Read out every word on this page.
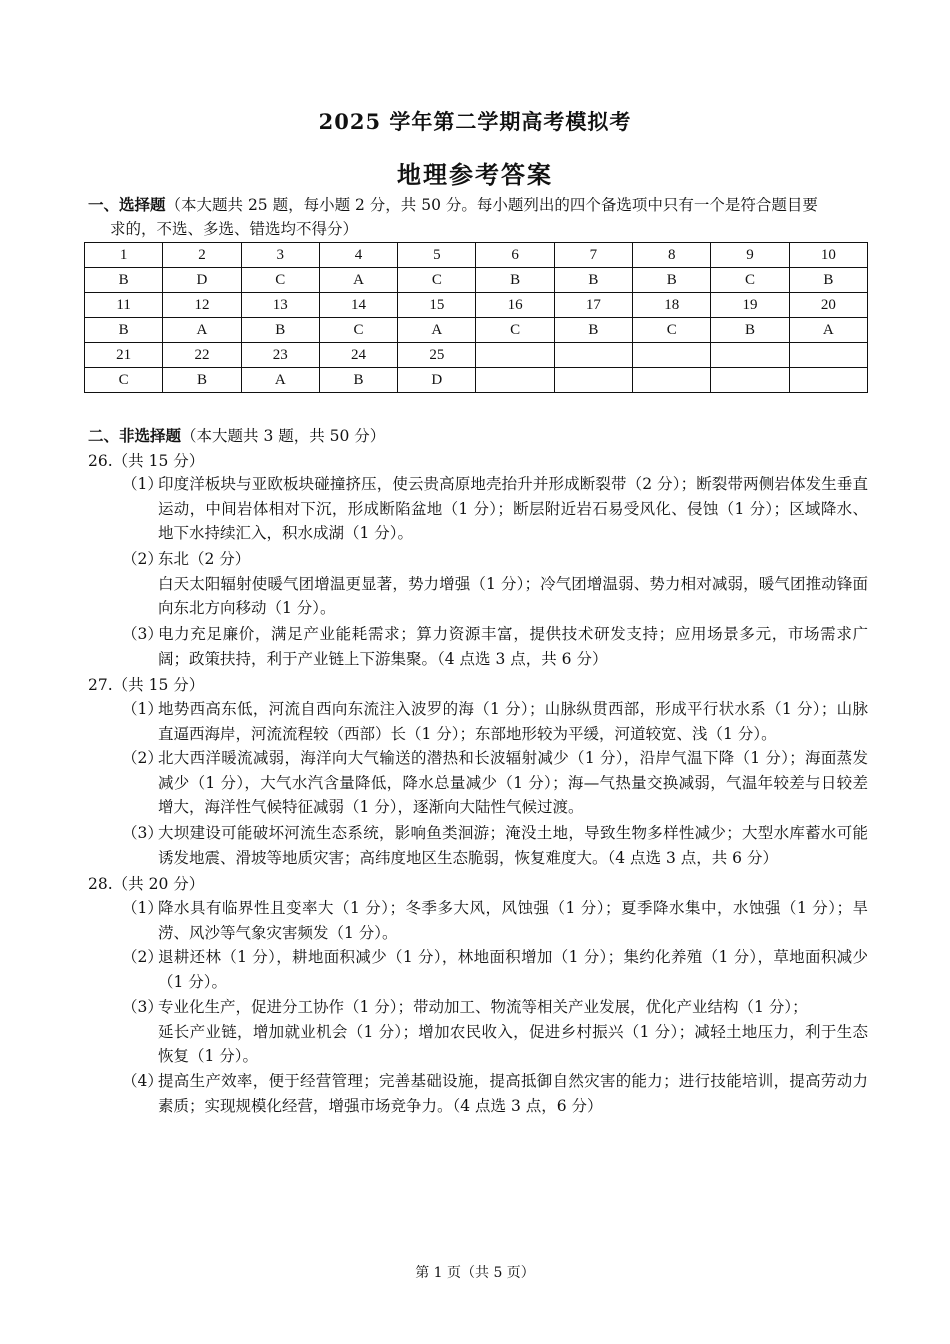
2025 学年第二学期高考模拟考
地理参考答案
一、选择题（本大题共 25 题，每小题 2 分，共 50 分。每小题列出的四个备选项中只有一个是符合题目要
求的，不选、多选、错选均不得分）
1	2	3	4	5	6	7	8	9	10
B	D	C	A	C	B	B	B	C	B
11	12	13	14	15	16	17	18	19	20
B	A	B	C	A	C	B	C	B	A
21	22	23	24	25					
C	B	A	B	D					
二、非选择题（本大题共 3 题，共 50 分）
26.（共 15 分）
（1）
印度洋板块与亚欧板块碰撞挤压，使云贵高原地壳抬升并形成断裂带（2 分）；断裂带两侧岩体发生垂直运动，中间岩体相对下沉，形成断陷盆地（1 分）；断层附近岩石易受风化、侵蚀（1 分）；区域降水、地下水持续汇入，积水成湖（1 分）。
（2）
东北（2 分）
白天太阳辐射使暖气团增温更显著，势力增强（1 分）；冷气团增温弱、势力相对减弱，暖气团推动锋面向东北方向移动（1 分）。
（3）
电力充足廉价，满足产业能耗需求；算力资源丰富，提供技术研发支持；应用场景多元，市场需求广阔；政策扶持，利于产业链上下游集聚。（4 点选 3 点，共 6 分）
27.（共 15 分）
（1）
地势西高东低，河流自西向东流注入波罗的海（1 分）；山脉纵贯西部，形成平行状水系（1 分）；山脉直逼西海岸，河流流程较（西部）长（1 分）；东部地形较为平缓，河道较宽、浅（1 分）。
（2）
北大西洋暖流减弱，海洋向大气输送的潜热和长波辐射减少（1 分），沿岸气温下降（1 分）；海面蒸发减少（1 分），大气水汽含量降低，降水总量减少（1 分）；海—气热量交换减弱，气温年较差与日较差增大，海洋性气候特征减弱（1 分），逐渐向大陆性气候过渡。
（3）
大坝建设可能破坏河流生态系统，影响鱼类洄游；淹没土地，导致生物多样性减少；大型水库蓄水可能诱发地震、滑坡等地质灾害；高纬度地区生态脆弱，恢复难度大。（4 点选 3 点，共 6 分）
28.（共 20 分）
（1）
降水具有临界性且变率大（1 分）；冬季多大风，风蚀强（1 分）；夏季降水集中，水蚀强（1 分）；旱涝、风沙等气象灾害频发（1 分）。
（2）
退耕还林（1 分），耕地面积减少（1 分），林地面积增加（1 分）；集约化养殖（1 分），草地面积减少（1 分）。
（3）
专业化生产，促进分工协作（1 分）；带动加工、物流等相关产业发展，优化产业结构（1 分）；
延长产业链，增加就业机会（1 分）；增加农民收入，促进乡村振兴（1 分）；减轻土地压力，利于生态恢复（1 分）。
（4）
提高生产效率，便于经营管理；完善基础设施，提高抵御自然灾害的能力；进行技能培训，提高劳动力素质；实现规模化经营，增强市场竞争力。（4 点选 3 点，6 分）
第 1 页（共 5 页）
